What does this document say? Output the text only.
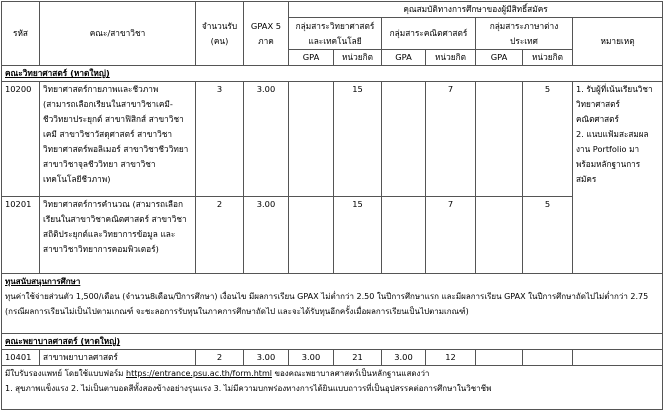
รหัส	คณะ/สาขาวิชา	จำนวนรับ (คน)	GPAX 5 ภาค	คุณสมบัติทางการศึกษาของผู้มีสิทธิ์สมัคร						
				กลุ่มสาระวิทยาศาสตร์และเทคโนโลยี		กลุ่มสาระคณิตศาสตร์		กลุ่มสาระภาษาต่างประเทศ		หมายเหตุ
				GPA	หน่วยกิต	GPA	หน่วยกิต	GPA	หน่วยกิต	
คณะวิทยาศาสตร์ (หาดใหญ่)										
10200	วิทยาศาสตร์กายภาพและชีวภาพ (สามารถเลือกเรียนในสาขาวิชาเคมี-ชีววิทยาประยุกต์ สาขาฟิสิกส์ สาขาวิชาเคมี สาขาวิชาวัสดุศาสตร์ สาขาวิชาวิทยาศาสตร์พอลิเมอร์ สาขาวิชาชีววิทยา สาขาวิชาจุลชีววิทยา สาขาวิชาเทคโนโลยีชีวภาพ)	3	3.00		15		7		5	1. รับผู้ที่เน้นเรียนวิชาวิทยาศาสตร์คณิตศาสตร์
2. แนบแฟ้มสะสมผลงาน Portfolio มาพร้อมหลักฐานการสมัคร

10201	วิทยาศาสตร์การคำนวณ (สามารถเลือกเรียนในสาขาวิชาคณิตศาสตร์ สาขาวิชาสถิติประยุกต์และวิทยาการข้อมูล และสาขาวิชาวิทยาการคอมพิวเตอร์)	2	3.00		15		7		5	

ทุนสนับสนุนการศึกษา
ทุนค่าใช้จ่ายส่วนตัว 1,500/เดือน (จำนวน8เดือน/ปีการศึกษา) เงื่อนไข มีผลการเรียน GPAX ไม่ต่ำกว่า 2.50 ในปีการศึกษาแรก และมีผลการเรียน GPAX ในปีการศึกษาถัดไปไม่ต่ำกว่า 2.75
(กรณีผลการเรียนไม่เป็นไปตามเกณฑ์ จะชะลอการรับทุนในภาคการศึกษาถัดไป และจะได้รับทุนอีกครั้งเมื่อผลการเรียนเป็นไปตามเกณฑ์)										

คณะพยาบาลศาสตร์ (หาดใหญ่)										
10401	สาขาพยาบาลศาสตร์	2	3.00	3.00	21	3.00	12			

มีใบรับรองแพทย์ โดยใช้แบบฟอร์ม https://entrance.psu.ac.th/form.html ของคณะพยาบาลศาสตร์เป็นหลักฐานแสดงว่า
1. สุขภาพแข็งแรง 2. ไม่เป็นตาบอดสีทั้งสองข้างอย่างรุนแรง 3. ไม่มีความบกพร่องทางการได้ยินแบบถาวรที่เป็นอุปสรรคต่อการศึกษาในวิชาชีพ										
